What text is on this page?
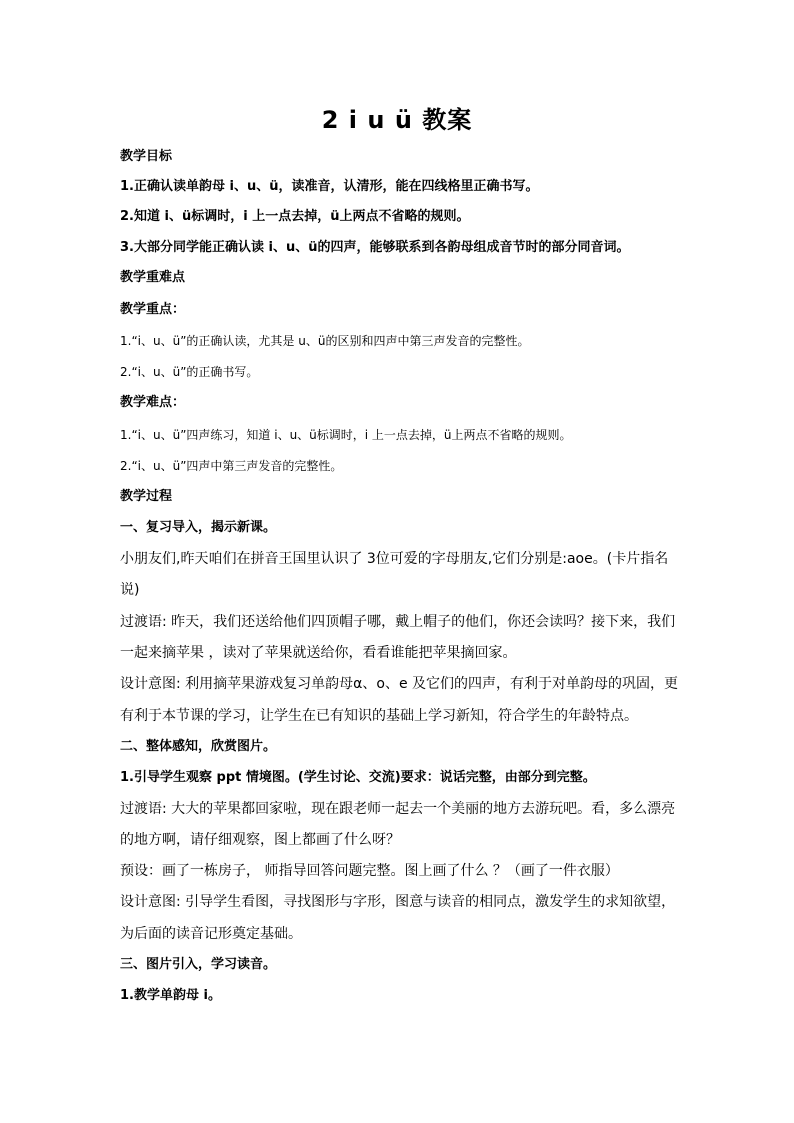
2 i u ü 教案
教学目标
1.正确认读单韵母 i、u、ü，读准音，认清形，能在四线格里正确书写。
2.知道 i、ü标调时，i 上一点去掉，ü上两点不省略的规则。
3.大部分同学能正确认读 i、u、ü的四声，能够联系到各韵母组成音节时的部分同音词。
教学重难点
教学重点：
1.“i、u、ü”的正确认读，尤其是 u、ü的区别和四声中第三声发音的完整性。
2.“i、u、ü”的正确书写。
教学难点：
1.“i、u、ü”四声练习，知道 i、u、ü标调时，i 上一点去掉，ü上两点不省略的规则。
2.“i、u、ü”四声中第三声发音的完整性。
教学过程
一、复习导入，揭示新课。
小朋友们,昨天咱们在拼音王国里认识了 3位可爱的字母朋友,它们分别是:aoe。(卡片指名
说)
过渡语: 昨天，我们还送给他们四顶帽子哪，戴上帽子的他们，你还会读吗？接下来，我们
一起来摘苹果 ，读对了苹果就送给你，看看谁能把苹果摘回家。
设计意图: 利用摘苹果游戏复习单韵母α、o、e 及它们的四声，有利于对单韵母的巩固，更
有利于本节课的学习，让学生在已有知识的基础上学习新知，符合学生的年龄特点。
二、整体感知，欣赏图片。
1.引导学生观察 ppt 情境图。(学生讨论、交流)要求：说话完整，由部分到完整。
过渡语: 大大的苹果都回家啦，现在跟老师一起去一个美丽的地方去游玩吧。看，多么漂亮
的地方啊，请仔细观察，图上都画了什么呀？
预设：画了一栋房子， 师指导回答问题完整。图上画了什么 ？（画了一件衣服）
设计意图: 引导学生看图，寻找图形与字形，图意与读音的相同点，激发学生的求知欲望，
为后面的读音记形奠定基础。
三、图片引入，学习读音。
1.教学单韵母 i。
